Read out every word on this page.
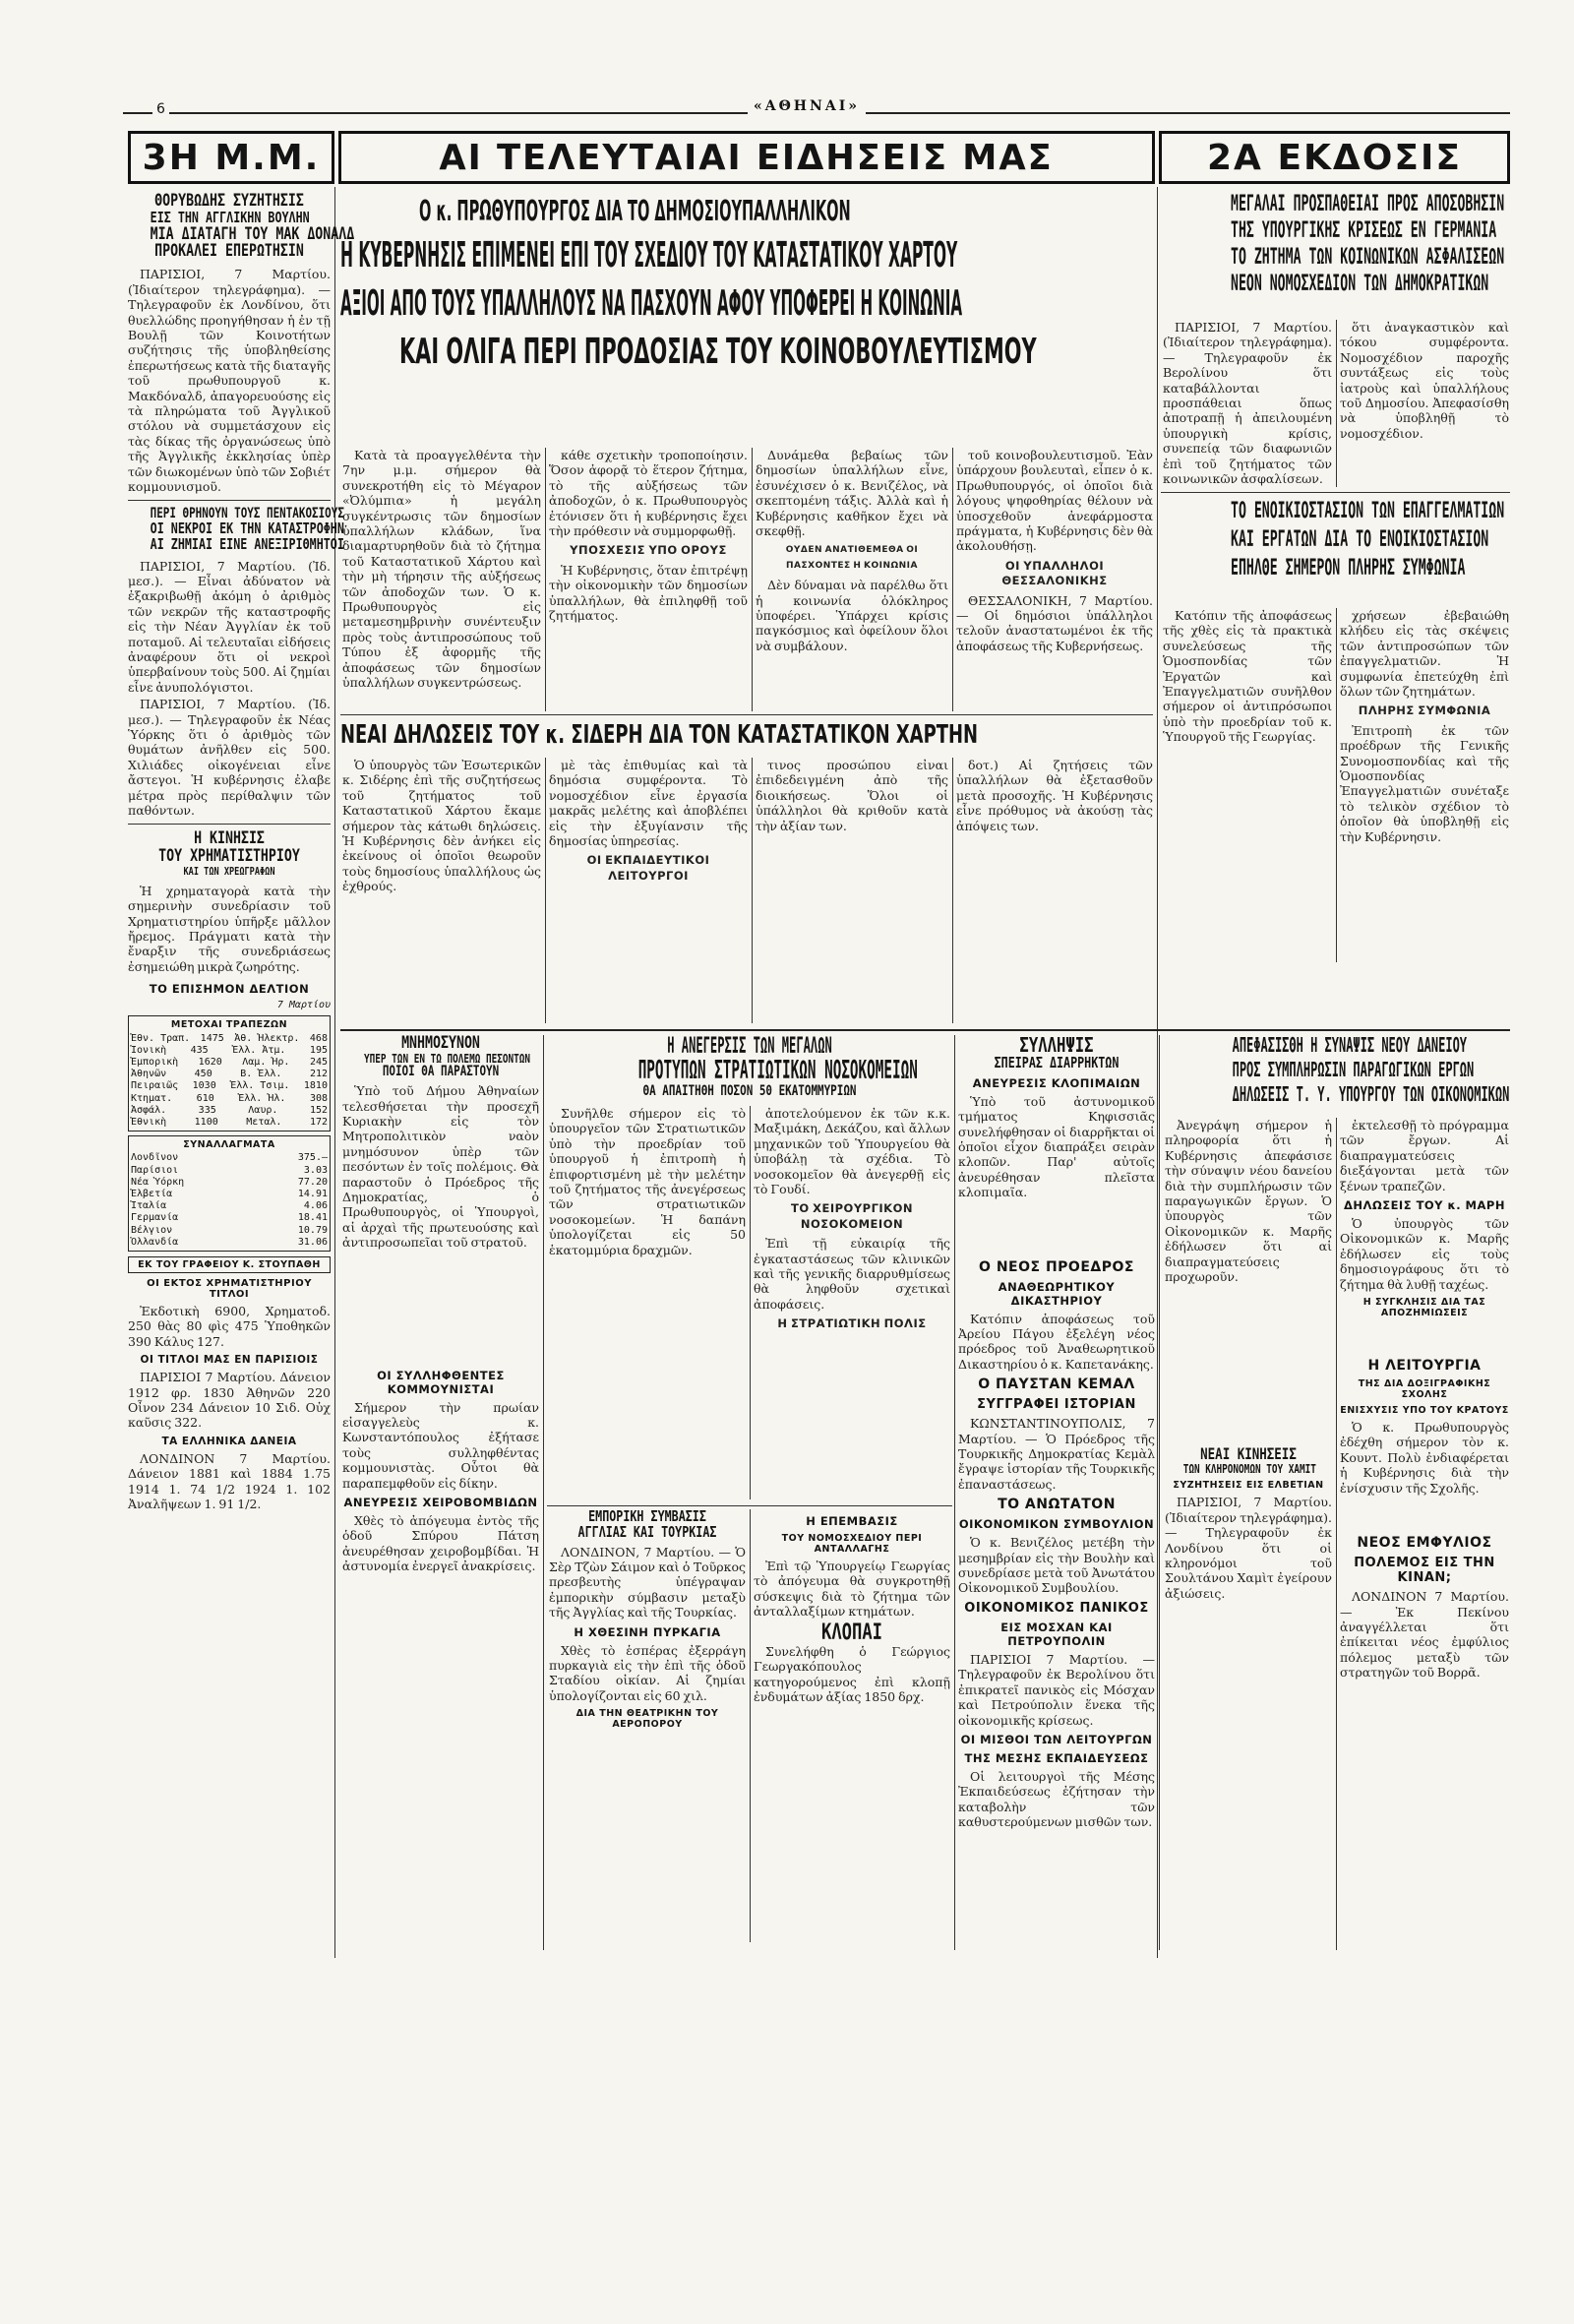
6	«ΑΘΗΝΑΙ»
3Η Μ.Μ.	ΑΙ ΤΕΛΕΥΤΑΙΑΙ ΕΙΔΗΣΕΙΣ ΜΑΣ	2Α ΕΚΔΟΣΙΣ
ΘΟΡΥΒΩΔΗΣ ΣΥΖΗΤΗΣΙΣ
ΕΙΣ ΤΗΝ ΑΓΓΛΙΚΗΝ ΒΟΥΛΗΝ
ΜΙΑ ΔΙΑΤΑΓΗ ΤΟΥ ΜΑΚ ΔΟΝΑΛΔ
ΠΡΟΚΑΛΕΙ ΕΠΕΡΩΤΗΣΙΝ

ΠΑΡΙΣΙΟΙ, 7 Μαρτίου. (Ἰδιαίτερον τηλεγράφημα). — Τηλεγραφοῦν ἐκ Λονδίνου, ὅτι θυελλώδης προηγήθησαν ἡ ἐν τῇ Βουλῇ τῶν Κοινοτήτων συζήτησις τῆς ὑποβληθείσης ἐπερωτήσεως κατὰ τῆς διαταγῆς τοῦ πρωθυπουργοῦ κ. Μακδόναλδ, ἀπαγορευούσης εἰς τὰ πληρώματα τοῦ Ἀγγλικοῦ στόλου νὰ συμμετάσχουν εἰς τὰς δίκας τῆς ὀργανώσεως ὑπὸ τῆς Ἀγγλικῆς ἐκκλησίας ὑπὲρ τῶν διωκομένων ὑπὸ τῶν Σοβιέτ κομμουνισμοῦ.

ΠΕΡΙ ΘΡΗΝΟΥΝ ΤΟΥΣ ΠΕΝΤΑΚΟΣΙΟΥΣ
ΟΙ ΝΕΚΡΟΙ ΕΚ ΤΗΝ ΚΑΤΑΣΤΡΟΦΗΝ
ΑΙ ΖΗΜΙΑΙ ΕΙΝΕ ΑΝΕΞΙΡΙΘΜΗΤΟΙ

ΠΑΡΙΣΙΟΙ, 7 Μαρτίου. (Ἰδ. μεσ.). — Εἶναι ἀδύνατον νὰ ἐξακριβωθῇ ἀκόμη ὁ ἀριθμὸς τῶν νεκρῶν τῆς καταστροφῆς εἰς τὴν Νέαν Ἀγγλίαν ἐκ τοῦ ποταμοῦ. Αἱ τελευταῖαι εἰδήσεις ἀναφέρουν ὅτι οἱ νεκροὶ ὑπερβαίνουν τοὺς 500. Αἱ ζημίαι εἶνε ἀνυπολόγιστοι.

ΠΑΡΙΣΙΟΙ, 7 Μαρτίου. (Ἰδ. μεσ.). — Τηλεγραφοῦν ἐκ Νέας Ὑόρκης ὅτι ὁ ἀριθμὸς τῶν θυμάτων ἀνῆλθεν εἰς 500. Χιλιάδες οἰκογένειαι εἶνε ἄστεγοι. Ἡ κυβέρνησις ἐλαβε μέτρα πρὸς περίθαλψιν τῶν παθόντων.

Η ΚΙΝΗΣΙΣ
ΤΟΥ ΧΡΗΜΑΤΙΣΤΗΡΙΟΥ
ΚΑΙ ΤΩΝ ΧΡΕΩΓΡΑΦΩΝ

Ἡ χρηματαγορὰ κατὰ τὴν σημερινὴν συνεδρίασιν τοῦ Χρηματιστηρίου ὑπῆρξε μᾶλλον ἤρεμος. Πράγματι κατὰ τὴν ἔναρξιν τῆς συνεδριάσεως ἐσημειώθη μικρὰ ζωηρότης.

ΤΟ ΕΠΙΣΗΜΟΝ ΔΕΛΤΙΟΝ
7 Μαρτίου
ΜΕΤΟΧΑΙ ΤΡΑΠΕΖΩΝ
Ἐθν. Τραπ. 1475 Ἀθ. Ἠλεκτρ. 468
Ἰονικὴ 435 Ἑλλ. Ἀτμ. 195
Ἐμπορικὴ 1620 Λαμ. Ἡρ. 245
Ἀθηνῶν	450	Β. Ἑλλ.	212
Πειραιῶς 1030 Ἑλλ. Τσιμ. 1810
Κτηματ. 610 Ἑλλ. Ἡλ. 308
Ἀσφάλ.	335	Λαυρ.	152
Ἐθνικὴ	1100	Μεταλ.	172
ΣΥΝΑΛΛΑΓΜΑΤΑ
Λονδῖνον	375.—
Παρίσιοι	3.03
Νέα Ὑόρκη	77.20
Ἑλβετία	14.91
Ἰταλία	4.06
Γερμανία	18.41
Βέλγιον	10.79
Ὁλλανδία	31.06
ΕΚ ΤΟΥ ΓΡΑΦΕΙΟΥ Κ. ΣΤΟΥΠΑΘΗ
ΟΙ ΕΚΤΟΣ ΧΡΗΜΑΤΙΣΤΗΡΙΟΥ ΤΙΤΛΟΙ

Ἐκδοτικὴ 6900, Χρηματοδ. 250 θὰς 80 φὶς 475 Ὑποθηκῶν 390 Κάλυς 127.

ΟΙ ΤΙΤΛΟΙ ΜΑΣ ΕΝ ΠΑΡΙΣΙΟΙΣ

ΠΑΡΙΣΙΟΙ 7 Μαρτίου. Δάνειον 1912 φρ. 1830 Ἀθηνῶν 220 Οἶνον 234 Δάνειον 10 Σιδ. Οὐχ καῦσις 322.

ΤΑ ΕΛΛΗΝΙΚΑ ΔΑΝΕΙΑ

ΛΟΝΔΙΝΟΝ 7 Μαρτίου. Δάνειον 1881 καὶ 1884 1.75 1914 1. 74 1/2 1924 1. 102 Ἀναλῆψεων 1. 91 1/2.

Ο κ. ΠΡΩΘΥΠΟΥΡΓΟΣ ΔΙΑ ΤΟ ΔΗΜΟΣΙΟΥΠΑΛΛΗΛΙΚΟΝ
Η ΚΥΒΕΡΝΗΣΙΣ ΕΠΙΜΕΝΕΙ ΕΠΙ ΤΟΥ ΣΧΕΔΙΟΥ ΤΟΥ ΚΑΤΑΣΤΑΤΙΚΟΥ ΧΑΡΤΟΥ
ΑΞΙΟΙ ΑΠΟ ΤΟΥΣ ΥΠΑΛΛΗΛΟΥΣ ΝΑ ΠΑΣΧΟΥΝ ΑΦΟΥ ΥΠΟΦΕΡΕΙ Η ΚΟΙΝΩΝΙΑ
ΚΑΙ ΟΛΙΓΑ ΠΕΡΙ ΠΡΟΔΟΣΙΑΣ ΤΟΥ ΚΟΙΝΟΒΟΥΛΕΥΤΙΣΜΟΥ

Κατὰ τὰ προαγγελθέντα τὴν 7ην μ.μ. σήμερον θὰ συνεκροτήθη εἰς τὸ Μέγαρον «Ὀλύμπια» ἡ μεγάλη συγκέντρωσις τῶν δημοσίων ὑπαλλήλων κλάδων, ἵνα διαμαρτυρηθοῦν διὰ τὸ ζήτημα τοῦ Καταστατικοῦ Χάρτου καὶ τὴν μὴ τήρησιν τῆς αὐξήσεως τῶν ἀποδοχῶν των. Ὁ κ. Πρωθυπουργὸς εἰς μεταμεσημβρινὴν συνέντευξιν πρὸς τοὺς ἀντιπροσώπους τοῦ Τύπου ἐξ ἀφορμῆς τῆς ἀποφάσεως τῶν δημοσίων ὑπαλλήλων συγκεντρώσεως.

κάθε σχετικὴν τροποποίησιν. Ὅσον ἀφορᾷ τὸ ἕτερον ζήτημα, τὸ τῆς αὐξήσεως τῶν ἀποδοχῶν, ὁ κ. Πρωθυπουργὸς ἐτόνισεν ὅτι ἡ κυβέρνησις ἔχει τὴν πρόθεσιν νὰ συμμορφωθῇ.

ΥΠΟΣΧΕΣΙΣ ΥΠΟ ΟΡΟΥΣ

Ἡ Κυβέρνησις, ὅταν ἐπιτρέψῃ τὴν οἰκονομικὴν τῶν δημοσίων ὑπαλλήλων, θὰ ἐπιληφθῇ τοῦ ζητήματος.

Δυνάμεθα βεβαίως τῶν δημοσίων ὑπαλλήλων εἶνε, ἐσυνέχισεν ὁ κ. Βενιζέλος, νὰ σκεπτομένη τάξις. Ἀλλὰ καὶ ἡ Κυβέρνησις καθῆκον ἔχει νὰ σκεφθῇ.

ΟΥΔΕΝ ΑΝΑΤΙΘΕΜΕΘΑ ΟΙ ΠΑΣΧΟΝΤΕΣ Η ΚΟΙΝΩΝΙΑ

Δὲν δύναμαι νὰ παρέλθω ὅτι ἡ κοινωνία ὁλόκληρος ὑποφέρει. Ὑπάρχει κρίσις παγκόσμιος καὶ ὀφείλουν ὅλοι νὰ συμβάλουν.

τοῦ κοινοβουλευτισμοῦ. Ἐὰν ὑπάρχουν βουλευταὶ, εἶπεν ὁ κ. Πρωθυπουργός, οἱ ὁποῖοι διὰ λόγους ψηφοθηρίας θέλουν νὰ ὑποσχεθοῦν ἀνεφάρμοστα πράγματα, ἡ Κυβέρνησις δὲν θὰ ἀκολουθήσῃ.

ΟΙ ΥΠΑΛΛΗΛΟΙ ΘΕΣΣΑΛΟΝΙΚΗΣ

ΘΕΣΣΑΛΟΝΙΚΗ, 7 Μαρτίου. — Οἱ δημόσιοι ὑπάλληλοι τελοῦν ἀναστατωμένοι ἐκ τῆς ἀποφάσεως τῆς Κυβερνήσεως.

ΝΕΑΙ ΔΗΛΩΣΕΙΣ ΤΟΥ κ. ΣΙΔΕΡΗ ΔΙΑ ΤΟΝ ΚΑΤΑΣΤΑΤΙΚΟΝ ΧΑΡΤΗΝ

Ὁ ὑπουργὸς τῶν Ἐσωτερικῶν κ. Σιδέρης ἐπὶ τῆς συζητήσεως τοῦ ζητήματος τοῦ Καταστατικοῦ Χάρτου ἔκαμε σήμερον τὰς κάτωθι δηλώσεις. Ἡ Κυβέρνησις δὲν ἀνήκει εἰς ἐκείνους οἱ ὁποῖοι θεωροῦν τοὺς δημοσίους ὑπαλλήλους ὡς ἐχθρούς.

μὲ τὰς ἐπιθυμίας καὶ τὰ δημόσια συμφέροντα. Τὸ νομοσχέδιον εἶνε ἐργασία μακρᾶς μελέτης καὶ ἀποβλέπει εἰς τὴν ἐξυγίανσιν τῆς δημοσίας ὑπηρεσίας.

ΟΙ ΕΚΠΑΙΔΕΥΤΙΚΟΙ ΛΕΙΤΟΥΡΓΟΙ

τινος προσώπου εἰναι ἐπιδεδειγμένη ἀπὸ τῆς διοικήσεως. Ὅλοι οἱ ὑπάλληλοι θὰ κριθοῦν κατὰ τὴν ἀξίαν των.

δοτ.) Αἱ ζητήσεις τῶν ὑπαλλήλων θὰ ἐξετασθοῦν μετὰ προσοχῆς. Ἡ Κυβέρνησις εἶνε πρόθυμος νὰ ἀκούσῃ τὰς ἀπόψεις των.

ΜΕΓΑΛΑΙ ΠΡΟΣΠΑΘΕΙΑΙ ΠΡΟΣ ΑΠΟΣΟΒΗΣΙΝ
ΤΗΣ ΥΠΟΥΡΓΙΚΗΣ ΚΡΙΣΕΩΣ ΕΝ ΓΕΡΜΑΝΙΑ
ΤΟ ΖΗΤΗΜΑ ΤΩΝ ΚΟΙΝΩΝΙΚΩΝ ΑΣΦΑΛΙΣΕΩΝ
ΝΕΟΝ ΝΟΜΟΣΧΕΔΙΟΝ ΤΩΝ ΔΗΜΟΚΡΑΤΙΚΩΝ

ΠΑΡΙΣΙΟΙ, 7 Μαρτίου. (Ἰδιαίτερον τηλεγράφημα). — Τηλεγραφοῦν ἐκ Βερολίνου ὅτι καταβάλλονται προσπάθειαι ὅπως ἀποτραπῇ ἡ ἀπειλουμένη ὑπουργικὴ κρίσις, συνεπείᾳ τῶν διαφωνιῶν ἐπὶ τοῦ ζητήματος τῶν κοινωνικῶν ἀσφαλίσεων.

ὅτι ἀναγκαστικὸν καὶ τόκου συμφέροντα. Νομοσχέδιον παροχῆς συντάξεως εἰς τοὺς ἰατροὺς καὶ ὑπαλλήλους τοῦ Δημοσίου. Ἀπεφασίσθη νὰ ὑποβληθῇ τὸ νομοσχέδιον.

ΤΟ ΕΝΟΙΚΙΟΣΤΑΣΙΟΝ ΤΩΝ ΕΠΑΓΓΕΛΜΑΤΙΩΝ
ΚΑΙ ΕΡΓΑΤΩΝ ΔΙΑ ΤΟ ΕΝΟΙΚΙΟΣΤΑΣΙΟΝ
ΕΠΗΛΘΕ ΣΗΜΕΡΟΝ ΠΛΗΡΗΣ ΣΥΜΦΩΝΙΑ

Κατόπιν τῆς ἀποφάσεως τῆς χθὲς εἰς τὰ πρακτικὰ συνελεύσεως τῆς Ὁμοσπονδίας τῶν Ἐργατῶν καὶ Ἐπαγγελματιῶν συνῆλθον σήμερον οἱ ἀντιπρόσωποι ὑπὸ τὴν προεδρίαν τοῦ κ. Ὑπουργοῦ τῆς Γεωργίας.

χρήσεων ἐβεβαιώθη κλήδευ εἰς τὰς σκέψεις τῶν ἀντιπροσώπων τῶν ἐπαγγελματιῶν. Ἡ συμφωνία ἐπετεύχθη ἐπὶ ὅλων τῶν ζητημάτων.

ΠΛΗΡΗΣ ΣΥΜΦΩΝΙΑ

Ἐπιτροπὴ ἐκ τῶν προέδρων τῆς Γενικῆς Συνομοσπονδίας καὶ τῆς Ὁμοσπονδίας Ἐπαγγελματιῶν συνέταξε τὸ τελικὸν σχέδιον τὸ ὁποῖον θὰ ὑποβληθῇ εἰς τὴν Κυβέρνησιν.

ΜΝΗΜΟΣΥΝΟΝ
ΥΠΕΡ ΤΩΝ ΕΝ ΤΩ ΠΟΛΕΜΩ ΠΕΣΟΝΤΩΝ
ΠΟΙΟΙ ΘΑ ΠΑΡΑΣΤΟΥΝ

Ὑπὸ τοῦ Δήμου Ἀθηναίων τελεσθήσεται τὴν προσεχῆ Κυριακὴν εἰς τὸν Μητροπολιτικὸν ναὸν μνημόσυνον ὑπὲρ τῶν πεσόντων ἐν τοῖς πολέμοις. Θὰ παραστοῦν ὁ Πρόεδρος τῆς Δημοκρατίας, ὁ Πρωθυπουργὸς, οἱ Ὑπουργοὶ, αἱ ἀρχαὶ τῆς πρωτευούσης καὶ ἀντιπροσωπεῖαι τοῦ στρατοῦ.

ΟΙ ΣΥΛΛΗΦΘΕΝΤΕΣ ΚΟΜΜΟΥΝΙΣΤΑΙ

Σήμερον τὴν πρωίαν εἰσαγγελεὺς κ. Κωνσταντόπουλος ἐξήτασε τοὺς συλληφθέντας κομμουνιστὰς. Οὗτοι θὰ παραπεμφθοῦν εἰς δίκην.

ΑΝΕΥΡΕΣΙΣ ΧΕΙΡΟΒΟΜΒΙΔΩΝ

Χθὲς τὸ ἀπόγευμα ἐντὸς τῆς ὁδοῦ Σπύρου Πάτση ἀνευρέθησαν χειροβομβίδαι. Ἡ ἀστυνομία ἐνεργεῖ ἀνακρίσεις.

Η ΑΝΕΓΕΡΣΙΣ ΤΩΝ ΜΕΓΑΛΩΝ
ΠΡΟΤΥΠΩΝ ΣΤΡΑΤΙΩΤΙΚΩΝ ΝΟΣΟΚΟΜΕΙΩΝ
ΘΑ ΑΠΑΙΤΗΘΗ ΠΟΣΟΝ 50 ΕΚΑΤΟΜΜΥΡΙΩΝ

Συνῆλθε σήμερον εἰς τὸ ὑπουργεῖον τῶν Στρατιωτικῶν ὑπὸ τὴν προεδρίαν τοῦ ὑπουργοῦ ἡ ἐπιτροπὴ ἡ ἐπιφορτισμένη μὲ τὴν μελέτην τοῦ ζητήματος τῆς ἀνεγέρσεως τῶν στρατιωτικῶν νοσοκομείων. Ἡ δαπάνη ὑπολογίζεται εἰς 50 ἑκατομμύρια δραχμῶν.

ἀποτελούμενον ἐκ τῶν κ.κ. Μαξιμάκη, Δεκάζου, καὶ ἄλλων μηχανικῶν τοῦ Ὑπουργείου θὰ ὑποβάλῃ τὰ σχέδια. Τὸ νοσοκομεῖον θὰ ἀνεγερθῇ εἰς τὸ Γουδί.

ΤΟ ΧΕΙΡΟΥΡΓΙΚΟΝ ΝΟΣΟΚΟΜΕΙΟΝ

Ἐπὶ τῇ εὐκαιρίᾳ τῆς ἐγκαταστάσεως τῶν κλινικῶν καὶ τῆς γενικῆς διαρρυθμίσεως θὰ ληφθοῦν σχετικαὶ ἀποφάσεις.

Η ΣΤΡΑΤΙΩΤΙΚΗ ΠΟΛΙΣ
ΕΜΠΟΡΙΚΗ ΣΥΜΒΑΣΙΣ
ΑΓΓΛΙΑΣ ΚΑΙ ΤΟΥΡΚΙΑΣ

ΛΟΝΔΙΝΟΝ, 7 Μαρτίου. — Ὁ Σὲρ Τζὼν Σάιμον καὶ ὁ Τοῦρκος πρεσβευτὴς ὑπέγραψαν ἐμπορικὴν σύμβασιν μεταξὺ τῆς Ἀγγλίας καὶ τῆς Τουρκίας.

Η ΧΘΕΣΙΝΗ ΠΥΡΚΑΓΙΑ

Χθὲς τὸ ἑσπέρας ἐξερράγη πυρκαγιὰ εἰς τὴν ἐπὶ τῆς ὁδοῦ Σταδίου οἰκίαν. Αἱ ζημίαι ὑπολογίζονται εἰς 60 χιλ.

ΔΙΑ ΤΗΝ ΘΕΑΤΡΙΚΗΝ ΤΟΥ ΑΕΡΟΠΟΡΟΥ
Η ΕΠΕΜΒΑΣΙΣ
ΤΟΥ ΝΟΜΟΣΧΕΔΙΟΥ ΠΕΡΙ ΑΝΤΑΛΛΑΓΗΣ

Ἐπὶ τῷ Ὑπουργείῳ Γεωργίας τὸ ἀπόγευμα θὰ συγκροτηθῇ σύσκεψις διὰ τὸ ζήτημα τῶν ἀνταλλαξίμων κτημάτων.

ΚΛΟΠΑΙ

Συνελήφθη ὁ Γεώργιος Γεωργακόπουλος κατηγορούμενος ἐπὶ κλοπῇ ἐνδυμάτων ἀξίας 1850 δρχ.

ΣΥΛΛΗΨΙΣ
ΣΠΕΙΡΑΣ ΔΙΑΡΡΗΚΤΩΝ
ΑΝΕΥΡΕΣΙΣ ΚΛΟΠΙΜΑΙΩΝ

Ὑπὸ τοῦ ἀστυνομικοῦ τμήματος Κηφισσιᾶς συνελήφθησαν οἱ διαρρῆκται οἱ ὁποῖοι εἶχον διαπράξει σειρὰν κλοπῶν. Παρ' αὐτοῖς ἀνευρέθησαν πλεῖστα κλοπιμαῖα.

Ο ΝΕΟΣ ΠΡΟΕΔΡΟΣ
ΑΝΑΘΕΩΡΗΤΙΚΟΥ ΔΙΚΑΣΤΗΡΙΟΥ

Κατόπιν ἀποφάσεως τοῦ Ἀρείου Πάγου ἐξελέγη νέος πρόεδρος τοῦ Ἀναθεωρητικοῦ Δικαστηρίου ὁ κ. Καπετανάκης.

Ο ΠΑΥΣΤΑΝ ΚΕΜΑΛ
ΣΥΓΓΡΑΦΕΙ ΙΣΤΟΡΙΑΝ

ΚΩΝΣΤΑΝΤΙΝΟΥΠΟΛΙΣ, 7 Μαρτίου. — Ὁ Πρόεδρος τῆς Τουρκικῆς Δημοκρατίας Κεμὰλ ἔγραψε ἱστορίαν τῆς Τουρκικῆς ἐπαναστάσεως.

ΤΟ ΑΝΩΤΑΤΟΝ
ΟΙΚΟΝΟΜΙΚΟΝ ΣΥΜΒΟΥΛΙΟΝ

Ὁ κ. Βενιζέλος μετέβη τὴν μεσημβρίαν εἰς τὴν Βουλὴν καὶ συνεδρίασε μετὰ τοῦ Ἀνωτάτου Οἰκονομικοῦ Συμβουλίου.

ΟΙΚΟΝΟΜΙΚΟΣ ΠΑΝΙΚΟΣ
ΕΙΣ ΜΟΣΧΑΝ ΚΑΙ ΠΕΤΡΟΥΠΟΛΙΝ

ΠΑΡΙΣΙΟΙ 7 Μαρτίου. — Τηλεγραφοῦν ἐκ Βερολίνου ὅτι ἐπικρατεῖ πανικὸς εἰς Μόσχαν καὶ Πετρούπολιν ἕνεκα τῆς οἰκονομικῆς κρίσεως.

ΟΙ ΜΙΣΘΟΙ ΤΩΝ ΛΕΙΤΟΥΡΓΩΝ
ΤΗΣ ΜΕΣΗΣ ΕΚΠΑΙΔΕΥΣΕΩΣ

Οἱ λειτουργοὶ τῆς Μέσης Ἐκπαιδεύσεως ἐζήτησαν τὴν καταβολὴν τῶν καθυστερούμενων μισθῶν των.

ΑΠΕΦΑΣΙΣΘΗ Η ΣΥΝΑΨΙΣ ΝΕΟΥ ΔΑΝΕΙΟΥ
ΠΡΟΣ ΣΥΜΠΛΗΡΩΣΙΝ ΠΑΡΑΓΩΓΙΚΩΝ ΕΡΓΩΝ
ΔΗΛΩΣΕΙΣ Τ. Υ. ΥΠΟΥΡΓΟΥ ΤΩΝ ΟΙΚΟΝΟΜΙΚΩΝ

Ἀνεγράψη σήμερον ἡ πληροφορία ὅτι ἡ Κυβέρνησις ἀπεφάσισε τὴν σύναψιν νέου δανείου διὰ τὴν συμπλήρωσιν τῶν παραγωγικῶν ἔργων. Ὁ ὑπουργὸς τῶν Οἰκονομικῶν κ. Μαρῆς ἐδήλωσεν ὅτι αἱ διαπραγματεύσεις προχωροῦν.

ἐκτελεσθῇ τὸ πρόγραμμα τῶν ἔργων. Αἱ διαπραγματεύσεις διεξάγονται μετὰ τῶν ξένων τραπεζῶν.

ΔΗΛΩΣΕΙΣ ΤΟΥ κ. ΜΑΡΗ

Ὁ ὑπουργὸς τῶν Οἰκονομικῶν κ. Μαρῆς ἐδήλωσεν εἰς τοὺς δημοσιογράφους ὅτι τὸ ζήτημα θὰ λυθῇ ταχέως.

Η ΣΥΓΚΛΗΣΙΣ ΔΙΑ ΤΑΣ ΑΠΟΖΗΜΙΩΣΕΙΣ
Η ΛΕΙΤΟΥΡΓΙΑ
ΤΗΣ ΔΙΑ ΔΟΞΙΓΡΑΦΙΚΗΣ ΣΧΟΛΗΣ
ΕΝΙΣΧΥΣΙΣ ΥΠΟ ΤΟΥ ΚΡΑΤΟΥΣ

Ὁ κ. Πρωθυπουργὸς ἐδέχθη σήμερον τὸν κ. Κουντ. Πολὺ ἐνδιαφέρεται ἡ Κυβέρνησις διὰ τὴν ἐνίσχυσιν τῆς Σχολῆς.

ΝΕΟΣ ΕΜΦΥΛΙΟΣ
ΠΟΛΕΜΟΣ ΕΙΣ ΤΗΝ ΚΙΝΑΝ;

ΛΟΝΔΙΝΟΝ 7 Μαρτίου. — Ἐκ Πεκίνου ἀναγγέλλεται ὅτι ἐπίκειται νέος ἐμφύλιος πόλεμος μεταξὺ τῶν στρατηγῶν τοῦ Βορρᾶ.

ΝΕΑΙ ΚΙΝΗΣΕΙΣ
ΤΩΝ ΚΛΗΡΟΝΟΜΩΝ ΤΟΥ ΧΑΜΙΤ
ΣΥΖΗΤΗΣΕΙΣ ΕΙΣ ΕΛΒΕΤΙΑΝ

ΠΑΡΙΣΙΟΙ, 7 Μαρτίου. (Ἰδιαίτερον τηλεγράφημα). — Τηλεγραφοῦν ἐκ Λονδίνου ὅτι οἱ κληρονόμοι τοῦ Σουλτάνου Χαμὶτ ἐγείρουν ἀξιώσεις.
